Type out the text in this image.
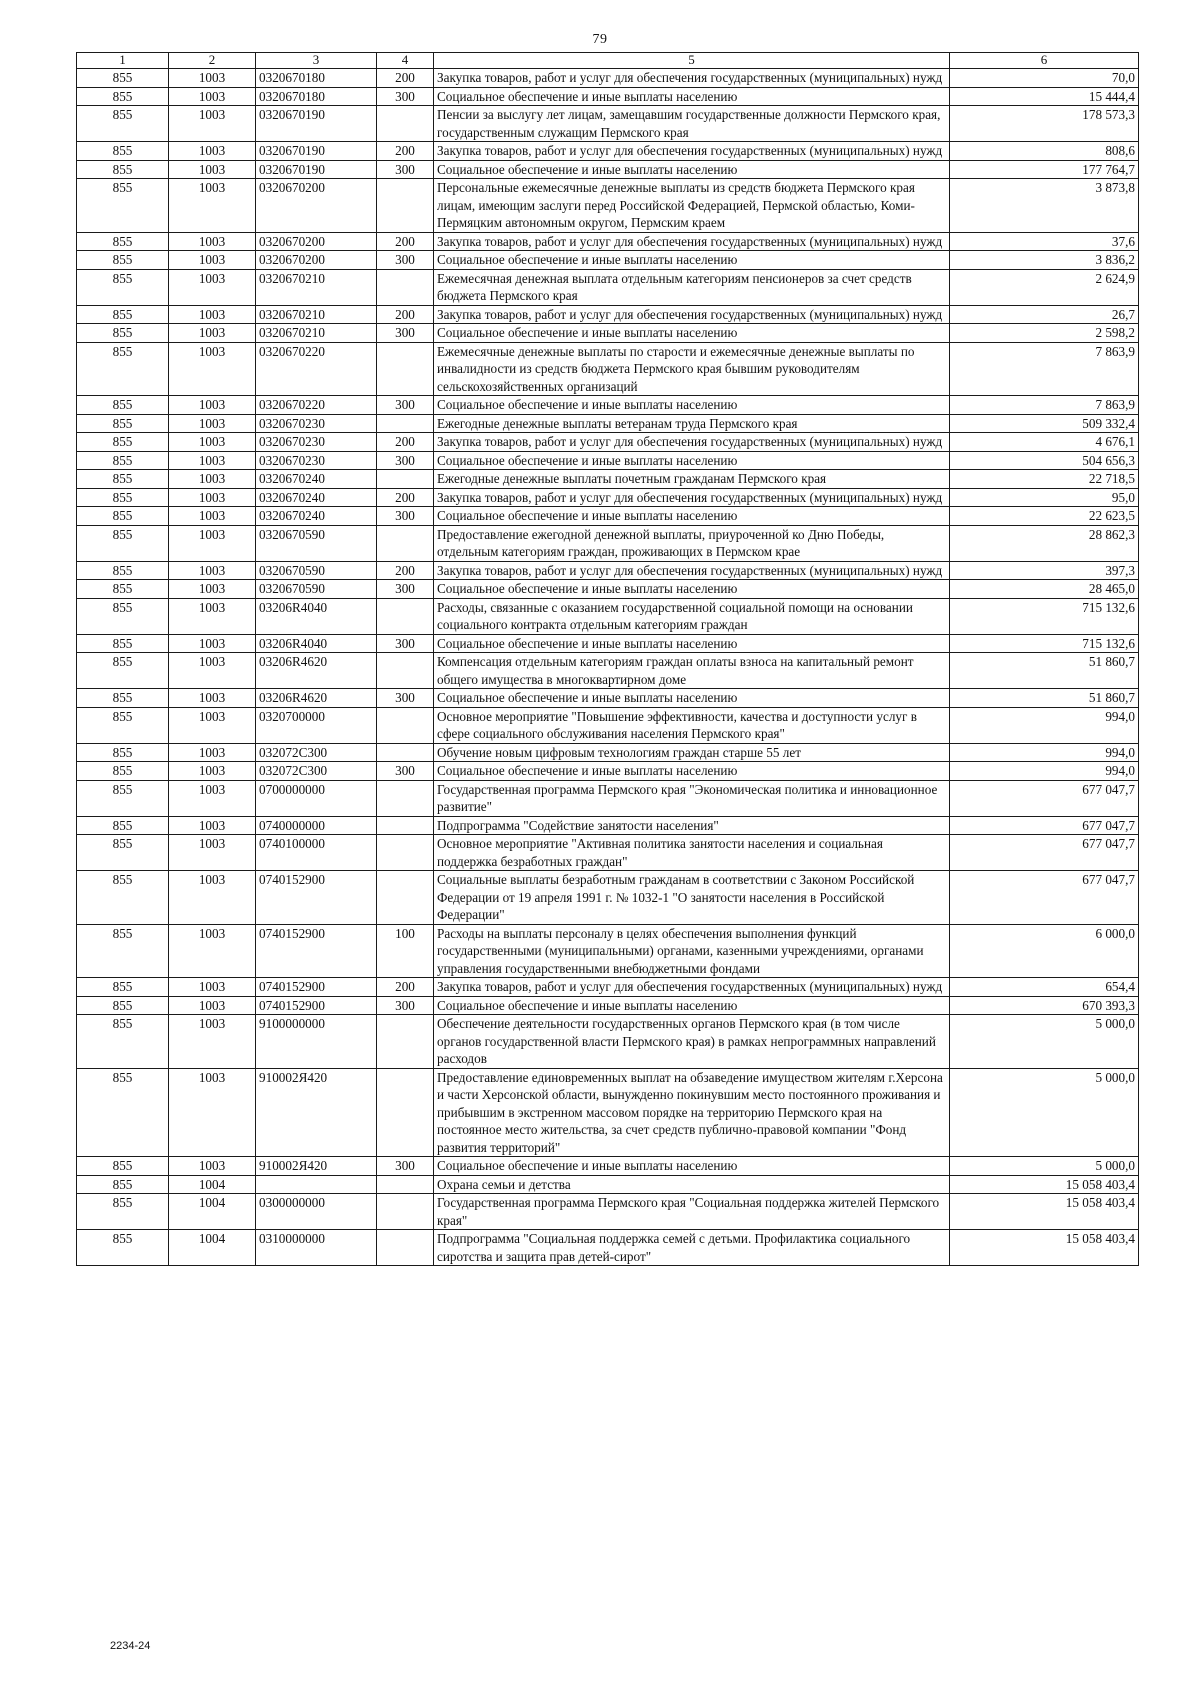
79
1	2	3	4	5	6
855	1003	0320670180	200	Закупка товаров, работ и услуг для обеспечения государственных (муниципальных) нужд	70,0
855	1003	0320670180	300	Социальное обеспечение и иные выплаты населению	15 444,4
855	1003	0320670190		Пенсии за выслугу лет лицам, замещавшим государственные должности Пермского края, государственным служащим Пермского края	178 573,3
855	1003	0320670190	200	Закупка товаров, работ и услуг для обеспечения государственных (муниципальных) нужд	808,6
855	1003	0320670190	300	Социальное обеспечение и иные выплаты населению	177 764,7
855	1003	0320670200		Персональные ежемесячные денежные выплаты из средств бюджета Пермского края лицам, имеющим заслуги перед Российской Федерацией, Пермской областью, Коми-Пермяцким автономным округом, Пермским краем	3 873,8
855	1003	0320670200	200	Закупка товаров, работ и услуг для обеспечения государственных (муниципальных) нужд	37,6
855	1003	0320670200	300	Социальное обеспечение и иные выплаты населению	3 836,2
855	1003	0320670210		Ежемесячная денежная выплата отдельным категориям пенсионеров за счет средств бюджета Пермского края	2 624,9
855	1003	0320670210	200	Закупка товаров, работ и услуг для обеспечения государственных (муниципальных) нужд	26,7
855	1003	0320670210	300	Социальное обеспечение и иные выплаты населению	2 598,2
855	1003	0320670220		Ежемесячные денежные выплаты по старости и ежемесячные денежные выплаты по инвалидности из средств бюджета Пермского края бывшим руководителям сельскохозяйственных организаций	7 863,9
855	1003	0320670220	300	Социальное обеспечение и иные выплаты населению	7 863,9
855	1003	0320670230		Ежегодные денежные выплаты ветеранам труда Пермского края	509 332,4
855	1003	0320670230	200	Закупка товаров, работ и услуг для обеспечения государственных (муниципальных) нужд	4 676,1
855	1003	0320670230	300	Социальное обеспечение и иные выплаты населению	504 656,3
855	1003	0320670240		Ежегодные денежные выплаты почетным гражданам Пермского края	22 718,5
855	1003	0320670240	200	Закупка товаров, работ и услуг для обеспечения государственных (муниципальных) нужд	95,0
855	1003	0320670240	300	Социальное обеспечение и иные выплаты населению	22 623,5
855	1003	0320670590		Предоставление ежегодной денежной выплаты, приуроченной ко Дню Победы, отдельным категориям граждан, проживающих в Пермском крае	28 862,3
855	1003	0320670590	200	Закупка товаров, работ и услуг для обеспечения государственных (муниципальных) нужд	397,3
855	1003	0320670590	300	Социальное обеспечение и иные выплаты населению	28 465,0
855	1003	03206R4040		Расходы, связанные с оказанием государственной социальной помощи на основании социального контракта отдельным категориям граждан	715 132,6
855	1003	03206R4040	300	Социальное обеспечение и иные выплаты населению	715 132,6
855	1003	03206R4620		Компенсация отдельным категориям граждан оплаты взноса на капитальный ремонт общего имущества в многоквартирном доме	51 860,7
855	1003	03206R4620	300	Социальное обеспечение и иные выплаты населению	51 860,7
855	1003	0320700000		Основное мероприятие "Повышение эффективности, качества и доступности услуг в сфере социального обслуживания населения Пермского края"	994,0
855	1003	032072С300		Обучение новым цифровым технологиям граждан старше 55 лет	994,0
855	1003	032072С300	300	Социальное обеспечение и иные выплаты населению	994,0
855	1003	0700000000		Государственная программа Пермского края "Экономическая политика и инновационное развитие"	677 047,7
855	1003	0740000000		Подпрограмма "Содействие занятости населения"	677 047,7
855	1003	0740100000		Основное мероприятие "Активная политика занятости населения и социальная поддержка безработных граждан"	677 047,7
855	1003	0740152900		Социальные выплаты безработным гражданам в соответствии с Законом Российской Федерации от 19 апреля 1991 г. № 1032-1 "О занятости населения в Российской Федерации"	677 047,7
855	1003	0740152900	100	Расходы на выплаты персоналу в целях обеспечения выполнения функций государственными (муниципальными) органами, казенными учреждениями, органами управления государственными внебюджетными фондами	6 000,0
855	1003	0740152900	200	Закупка товаров, работ и услуг для обеспечения государственных (муниципальных) нужд	654,4
855	1003	0740152900	300	Социальное обеспечение и иные выплаты населению	670 393,3
855	1003	9100000000		Обеспечение деятельности государственных органов Пермского края (в том числе органов государственной власти Пермского края) в рамках непрограммных направлений расходов	5 000,0
855	1003	910002Я420		Предоставление единовременных выплат на обзаведение имуществом жителям г.Херсона и части Херсонской области, вынужденно покинувшим место постоянного проживания и прибывшим в экстренном массовом порядке на территорию Пермского края на постоянное место жительства, за счет средств публично-правовой компании "Фонд развития территорий"	5 000,0
855	1003	910002Я420	300	Социальное обеспечение и иные выплаты населению	5 000,0
855	1004			Охрана семьи и детства	15 058 403,4
855	1004	0300000000		Государственная программа Пермского края "Социальная поддержка жителей Пермского края"	15 058 403,4
855	1004	0310000000		Подпрограмма "Социальная поддержка семей с детьми. Профилактика социального сиротства и защита прав детей-сирот"	15 058 403,4
2234-24
